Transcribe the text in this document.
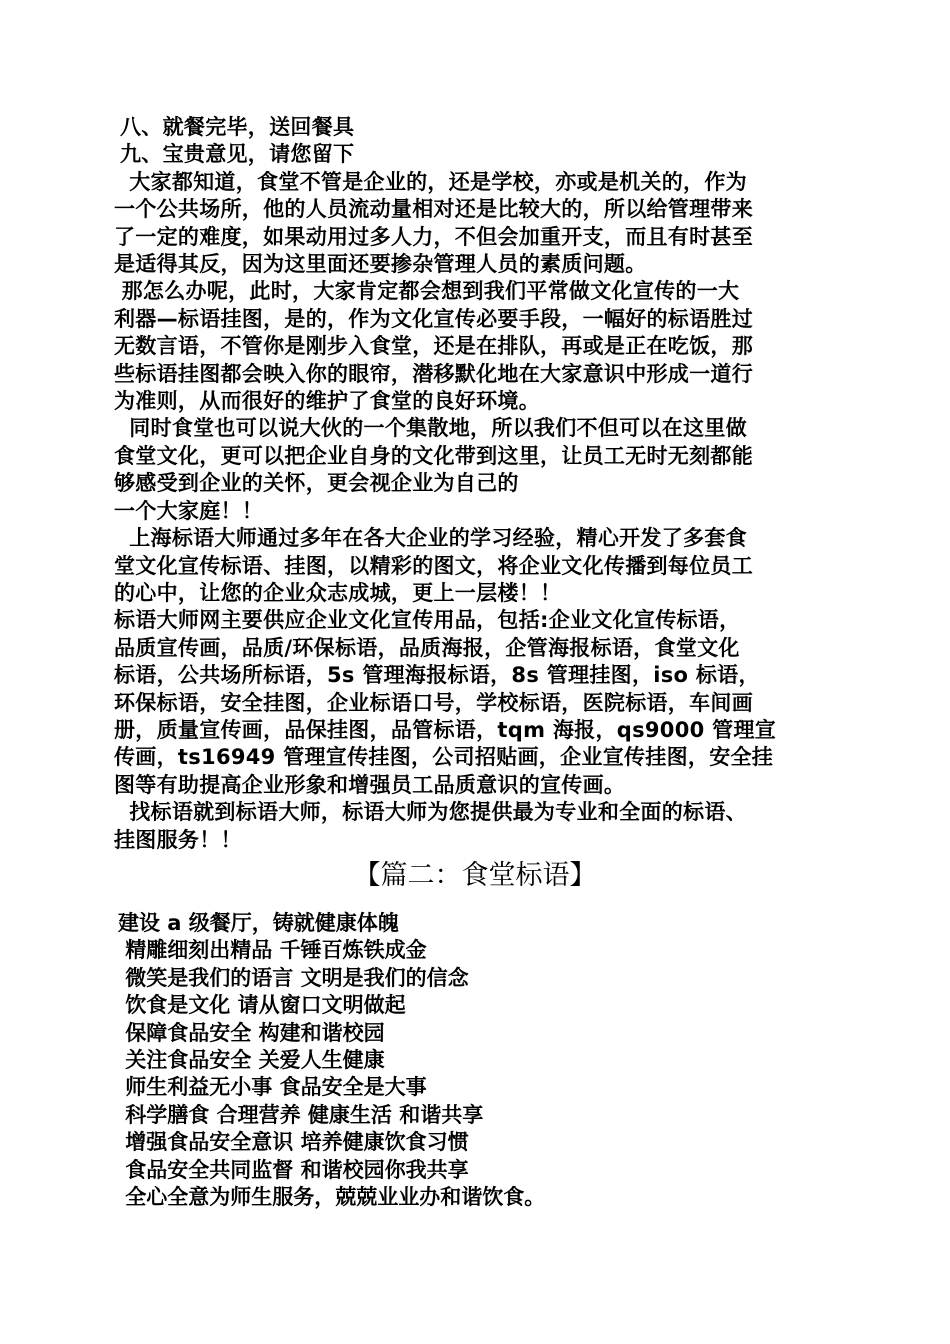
八、就餐完毕，送回餐具

九、宝贵意见，请您留下

大家都知道，食堂不管是企业的，还是学校，亦或是机关的，作为

一个公共场所，他的人员流动量相对还是比较大的，所以给管理带来

了一定的难度，如果动用过多人力，不但会加重开支，而且有时甚至

是适得其反，因为这里面还要掺杂管理人员的素质问题。

那怎么办呢，此时，大家肯定都会想到我们平常做文化宣传的一大

利器—标语挂图，是的，作为文化宣传必要手段，一幅好的标语胜过

无数言语，不管你是刚步入食堂，还是在排队，再或是正在吃饭，那

些标语挂图都会映入你的眼帘，潜移默化地在大家意识中形成一道行

为准则，从而很好的维护了食堂的良好环境。

同时食堂也可以说大伙的一个集散地，所以我们不但可以在这里做

食堂文化，更可以把企业自身的文化带到这里，让员工无时无刻都能

够感受到企业的关怀，更会视企业为自己的

一个大家庭！！

上海标语大师通过多年在各大企业的学习经验，精心开发了多套食

堂文化宣传标语、挂图，以精彩的图文，将企业文化传播到每位员工

的心中，让您的企业众志成城，更上一层楼！！

标语大师网主要供应企业文化宣传用品，包括:企业文化宣传标语，

品质宣传画，品质/环保标语，品质海报，企管海报标语，食堂文化

标语，公共场所标语，5s 管理海报标语，8s 管理挂图，iso 标语，

环保标语，安全挂图，企业标语口号，学校标语，医院标语，车间画

册，质量宣传画，品保挂图，品管标语，tqm 海报，qs9000 管理宣

传画，ts16949 管理宣传挂图，公司招贴画，企业宣传挂图，安全挂

图等有助提高企业形象和增强员工品质意识的宣传画。

找标语就到标语大师，标语大师为您提供最为专业和全面的标语、

挂图服务！！

【篇二：食堂标语】
建设 a 级餐厅，铸就健康体魄
精雕细刻出精品 千锤百炼铁成金
微笑是我们的语言 文明是我们的信念
饮食是文化 请从窗口文明做起
保障食品安全 构建和谐校园
关注食品安全 关爱人生健康
师生利益无小事 食品安全是大事
科学膳食 合理营养 健康生活 和谐共享
增强食品安全意识 培养健康饮食习惯
食品安全共同监督 和谐校园你我共享
全心全意为师生服务，兢兢业业办和谐饮食。
